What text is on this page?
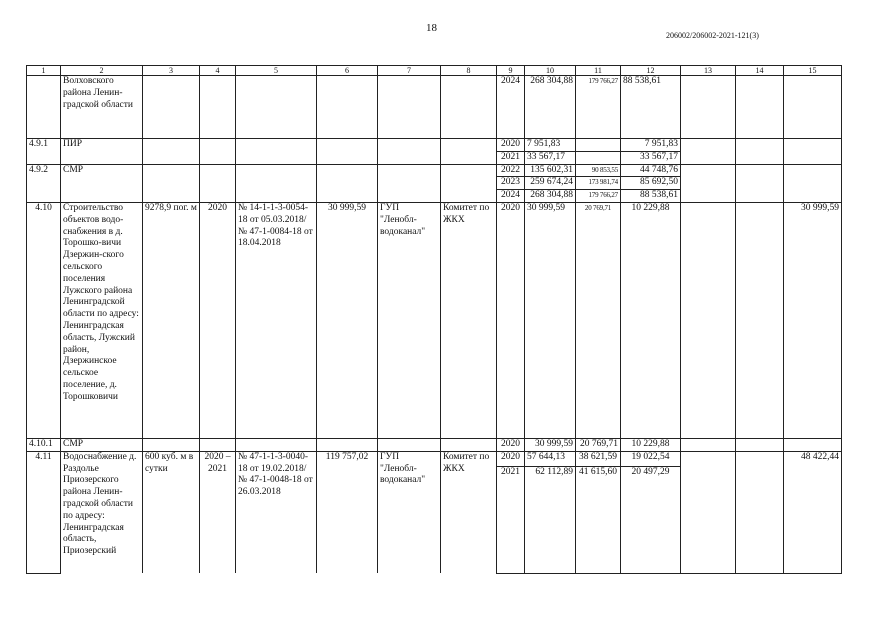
18
206002/206002-2021-121(3)
1	2	3	4	5	6	7	8	9	10	11	12	13	14	15
	Волховского района Ленин-градской области							2024	268 304,88	179 766,27	88 538,61			
4.9.1	ПИР							2020	7 951,83		7 951,83			
								2021	33 567,17		33 567,17			
4.9.2	СМР							2022	135 602,31	90 853,55	44 748,76			
								2023	259 674,24	173 981,74	85 692,50			
								2024	268 304,88	179 766,27	88 538,61			
4.10	Строительство объектов водо-снабжения в д. Торошко-вичи Дзержин-ского сельского поселения Лужского района Ленинградской области по адресу: Ленинградская область, Лужский район, Дзержинское сельское поселение, д. Торошковичи	9278,9 пог. м	2020	№ 14-1-1-3-0054-18 от 05.03.2018/ № 47-1-0084-18 от 18.04.2018	30 999,59	ГУП "Ленобл-водоканал"	Комитет по ЖКХ	2020	30 999,59	20 769,71	10 229,88			30 999,59
4.10.1	СМР							2020	30 999,59	20 769,71	10 229,88			
4.11	Водоснабжение д. Раздолье Приозерского района Ленин-градской области по адресу: Ленинградская область, Приозерский	600 куб. м в сутки	2020 – 2021	№ 47-1-1-3-0040-18 от 19.02.2018/ № 47-1-0048-18 от 26.03.2018	119 757,02	ГУП "Ленобл-водоканал"	Комитет по ЖКХ	2020	57 644,13	38 621,59	19 022,54			48 422,44
								2021	62 112,89	41 615,60	20 497,29			
